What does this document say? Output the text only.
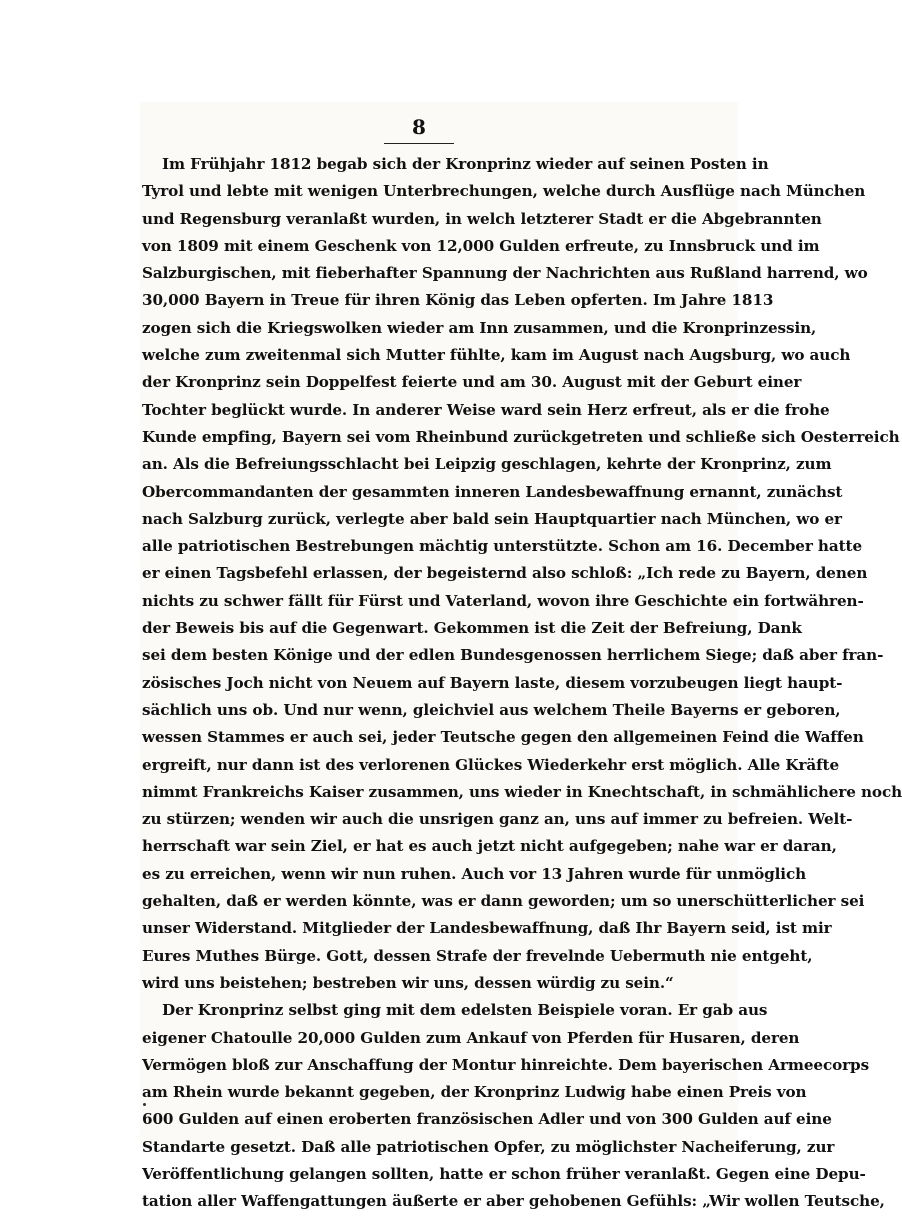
8
Im Frühjahr 1812 begab sich der Kronprinz wieder auf seinen Posten in
Tyrol und lebte mit wenigen Unterbrechungen, welche durch Ausflüge nach München
und Regensburg veranlaßt wurden, in welch letzterer Stadt er die Abgebrannten
von 1809 mit einem Geschenk von 12,000 Gulden erfreute, zu Innsbruck und im
Salzburgischen, mit fieberhafter Spannung der Nachrichten aus Rußland harrend, wo
30,000 Bayern in Treue für ihren König das Leben opferten. Im Jahre 1813
zogen sich die Kriegswolken wieder am Inn zusammen, und die Kronprinzessin,
welche zum zweitenmal sich Mutter fühlte, kam im August nach Augsburg, wo auch
der Kronprinz sein Doppelfest feierte und am 30. August mit der Geburt einer
Tochter beglückt wurde. In anderer Weise ward sein Herz erfreut, als er die frohe
Kunde empfing, Bayern sei vom Rheinbund zurückgetreten und schließe sich Oesterreich
an. Als die Befreiungsschlacht bei Leipzig geschlagen, kehrte der Kronprinz, zum
Obercommandanten der gesammten inneren Landesbewaffnung ernannt, zunächst
nach Salzburg zurück, verlegte aber bald sein Hauptquartier nach München, wo er
alle patriotischen Bestrebungen mächtig unterstützte. Schon am 16. December hatte
er einen Tagsbefehl erlassen, der begeisternd also schloß: „Ich rede zu Bayern, denen
nichts zu schwer fällt für Fürst und Vaterland, wovon ihre Geschichte ein fortwähren-
der Beweis bis auf die Gegenwart. Gekommen ist die Zeit der Befreiung, Dank
sei dem besten Könige und der edlen Bundesgenossen herrlichem Siege; daß aber fran-
zösisches Joch nicht von Neuem auf Bayern laste, diesem vorzubeugen liegt haupt-
sächlich uns ob. Und nur wenn, gleichviel aus welchem Theile Bayerns er geboren,
wessen Stammes er auch sei, jeder Teutsche gegen den allgemeinen Feind die Waffen
ergreift, nur dann ist des verlorenen Glückes Wiederkehr erst möglich. Alle Kräfte
nimmt Frankreichs Kaiser zusammen, uns wieder in Knechtschaft, in schmählichere noch
zu stürzen; wenden wir auch die unsrigen ganz an, uns auf immer zu befreien. Welt-
herrschaft war sein Ziel, er hat es auch jetzt nicht aufgegeben; nahe war er daran,
es zu erreichen, wenn wir nun ruhen. Auch vor 13 Jahren wurde für unmöglich
gehalten, daß er werden könnte, was er dann geworden; um so unerschütterlicher sei
unser Widerstand. Mitglieder der Landesbewaffnung, daß Ihr Bayern seid, ist mir
Eures Muthes Bürge. Gott, dessen Strafe der frevelnde Uebermuth nie entgeht,
wird uns beistehen; bestreben wir uns, dessen würdig zu sein.“
Der Kronprinz selbst ging mit dem edelsten Beispiele voran. Er gab aus
eigener Chatoulle 20,000 Gulden zum Ankauf von Pferden für Husaren, deren
Vermögen bloß zur Anschaffung der Montur hinreichte. Dem bayerischen Armeecorps
am Rhein wurde bekannt gegeben, der Kronprinz Ludwig habe einen Preis von
600 Gulden auf einen eroberten französischen Adler und von 300 Gulden auf eine
Standarte gesetzt. Daß alle patriotischen Opfer, zu möglichster Nacheiferung, zur
Veröffentlichung gelangen sollten, hatte er schon früher veranlaßt. Gegen eine Depu-
tation aller Waffengattungen äußerte er aber gehobenen Gefühls: „Wir wollen Teutsche,
